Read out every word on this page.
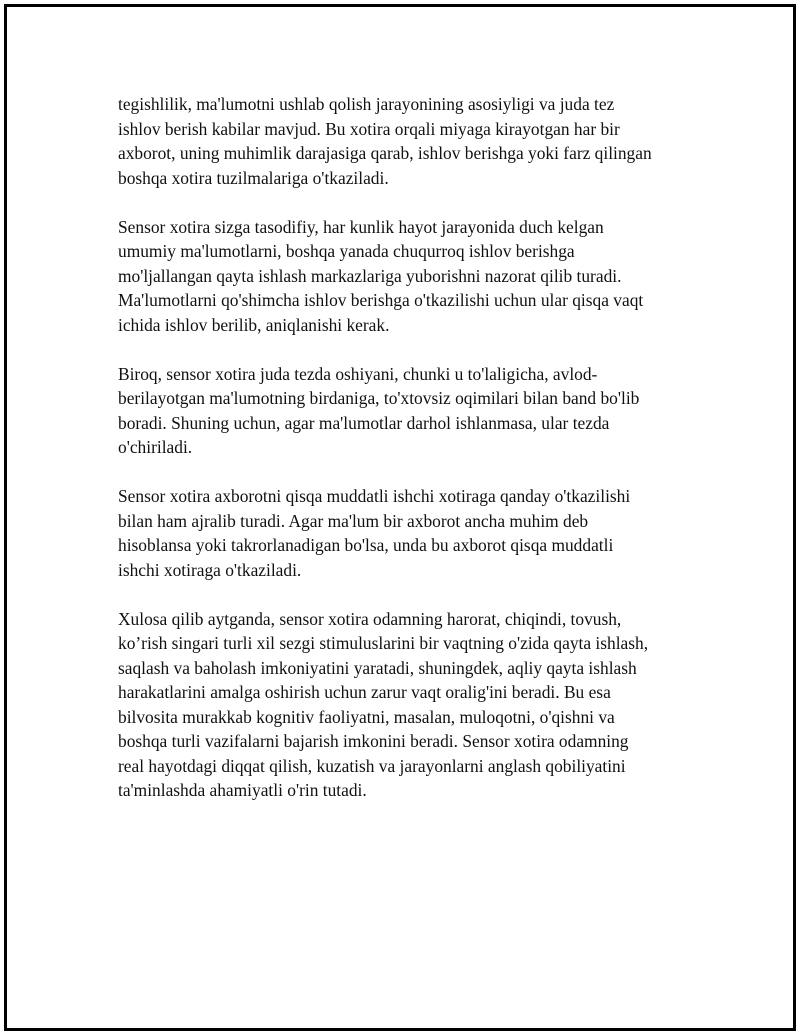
tegishlilik, ma'lumotni ushlab qolish jarayonining asosiyligi va juda tez
ishlov berish kabilar mavjud. Bu xotira orqali miyaga kirayotgan har bir
axborot, uning muhimlik darajasiga qarab, ishlov berishga yoki farz qilingan
boshqa xotira tuzilmalariga o'tkaziladi.

Sensor xotira sizga tasodifiy, har kunlik hayot jarayonida duch kelgan
umumiy ma'lumotlarni, boshqa yanada chuqurroq ishlov berishga
mo'ljallangan qayta ishlash markazlariga yuborishni nazorat qilib turadi.
Ma'lumotlarni qo'shimcha ishlov berishga o'tkazilishi uchun ular qisqa vaqt
ichida ishlov berilib, aniqlanishi kerak.

Biroq, sensor xotira juda tezda oshiyani, chunki u to'laligicha, avlod-
berilayotgan ma'lumotning birdaniga, to'xtovsiz oqimilari bilan band bo'lib
boradi. Shuning uchun, agar ma'lumotlar darhol ishlanmasa, ular tezda
o'chiriladi.

Sensor xotira axborotni qisqa muddatli ishchi xotiraga qanday o'tkazilishi
bilan ham ajralib turadi. Agar ma'lum bir axborot ancha muhim deb
hisoblansa yoki takrorlanadigan bo'lsa, unda bu axborot qisqa muddatli
ishchi xotiraga o'tkaziladi.

Xulosa qilib aytganda, sensor xotira odamning harorat, chiqindi, tovush,
ko’rish singari turli xil sezgi stimuluslarini bir vaqtning o'zida qayta ishlash,
saqlash va baholash imkoniyatini yaratadi, shuningdek, aqliy qayta ishlash
harakatlarini amalga oshirish uchun zarur vaqt oralig'ini beradi. Bu esa
bilvosita murakkab kognitiv faoliyatni, masalan, muloqotni, o'qishni va
boshqa turli vazifalarni bajarish imkonini beradi. Sensor xotira odamning
real hayotdagi diqqat qilish, kuzatish va jarayonlarni anglash qobiliyatini
ta'minlashda ahamiyatli o'rin tutadi.
